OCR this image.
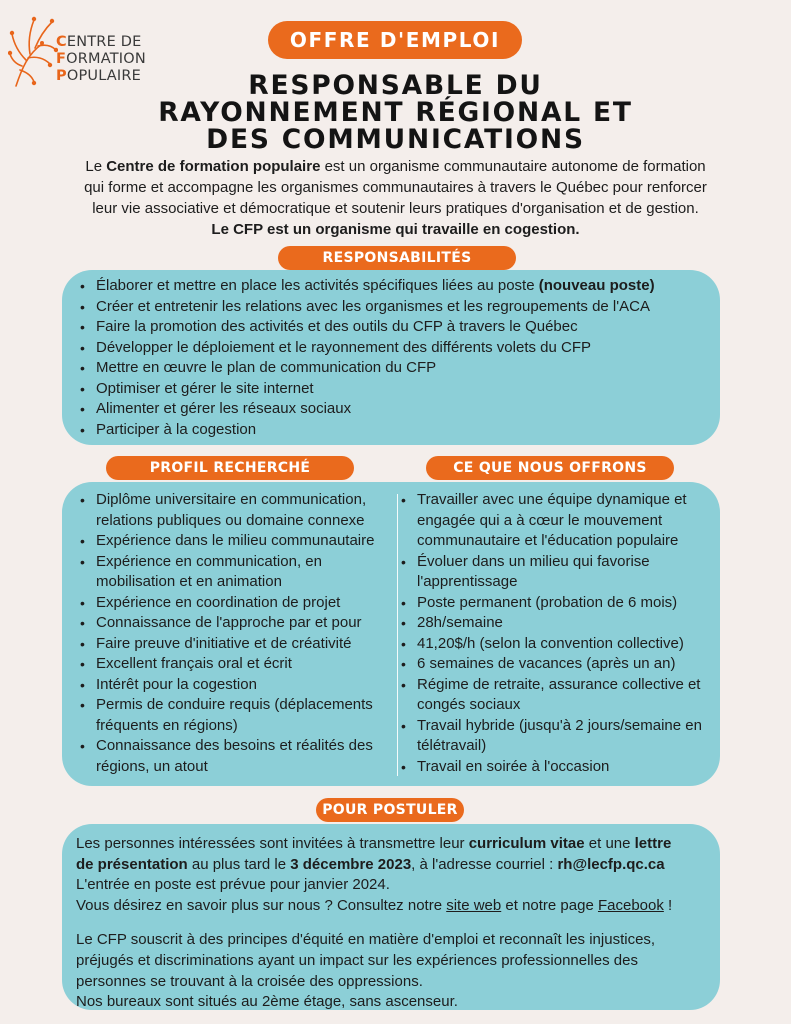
CENTRE DE
FORMATION
POPULAIRE
OFFRE D'EMPLOI
RESPONSABLE DU
RAYONNEMENT RÉGIONAL ET
DES COMMUNICATIONS
Le Centre de formation populaire est un organisme communautaire autonome de formation
qui forme et accompagne les organismes communautaires à travers le Québec pour renforcer
leur vie associative et démocratique et soutenir leurs pratiques d'organisation et de gestion.
Le CFP est un organisme qui travaille en cogestion.
RESPONSABILITÉS
• Élaborer et mettre en place les activités spécifiques liées au poste (nouveau poste)
• Créer et entretenir les relations avec les organismes et les regroupements de l'ACA
• Faire la promotion des activités et des outils du CFP à travers le Québec
• Développer le déploiement et le rayonnement des différents volets du CFP
• Mettre en œuvre le plan de communication du CFP
• Optimiser et gérer le site internet
• Alimenter et gérer les réseaux sociaux
• Participer à la cogestion
PROFIL RECHERCHÉ	CE QUE NOUS OFFRONS
• Diplôme universitaire en communication,
relations publiques ou domaine connexe
• Expérience dans le milieu communautaire
• Expérience en communication, en
mobilisation et en animation
• Expérience en coordination de projet
• Connaissance de l'approche par et pour
• Faire preuve d'initiative et de créativité
• Excellent français oral et écrit
• Intérêt pour la cogestion
• Permis de conduire requis (déplacements
fréquents en régions)
• Connaissance des besoins et réalités des
régions, un atout
• Travailler avec une équipe dynamique et
engagée qui a à cœur le mouvement
communautaire et l'éducation populaire
• Évoluer dans un milieu qui favorise
l'apprentissage
• Poste permanent (probation de 6 mois)
• 28h/semaine
• 41,20$/h (selon la convention collective)
• 6 semaines de vacances (après un an)
• Régime de retraite, assurance collective et
congés sociaux
• Travail hybride (jusqu'à 2 jours/semaine en
télétravail)
• Travail en soirée à l'occasion
POUR POSTULER
Les personnes intéressées sont invitées à transmettre leur curriculum vitae et une lettre
de présentation au plus tard le 3 décembre 2023, à l'adresse courriel : rh@lecfp.qc.ca
L'entrée en poste est prévue pour janvier 2024.
Vous désirez en savoir plus sur nous ? Consultez notre site web et notre page Facebook !
Le CFP souscrit à des principes d'équité en matière d'emploi et reconnaît les injustices,
préjugés et discriminations ayant un impact sur les expériences professionnelles des
personnes se trouvant à la croisée des oppressions.
Nos bureaux sont situés au 2ème étage, sans ascenseur.
